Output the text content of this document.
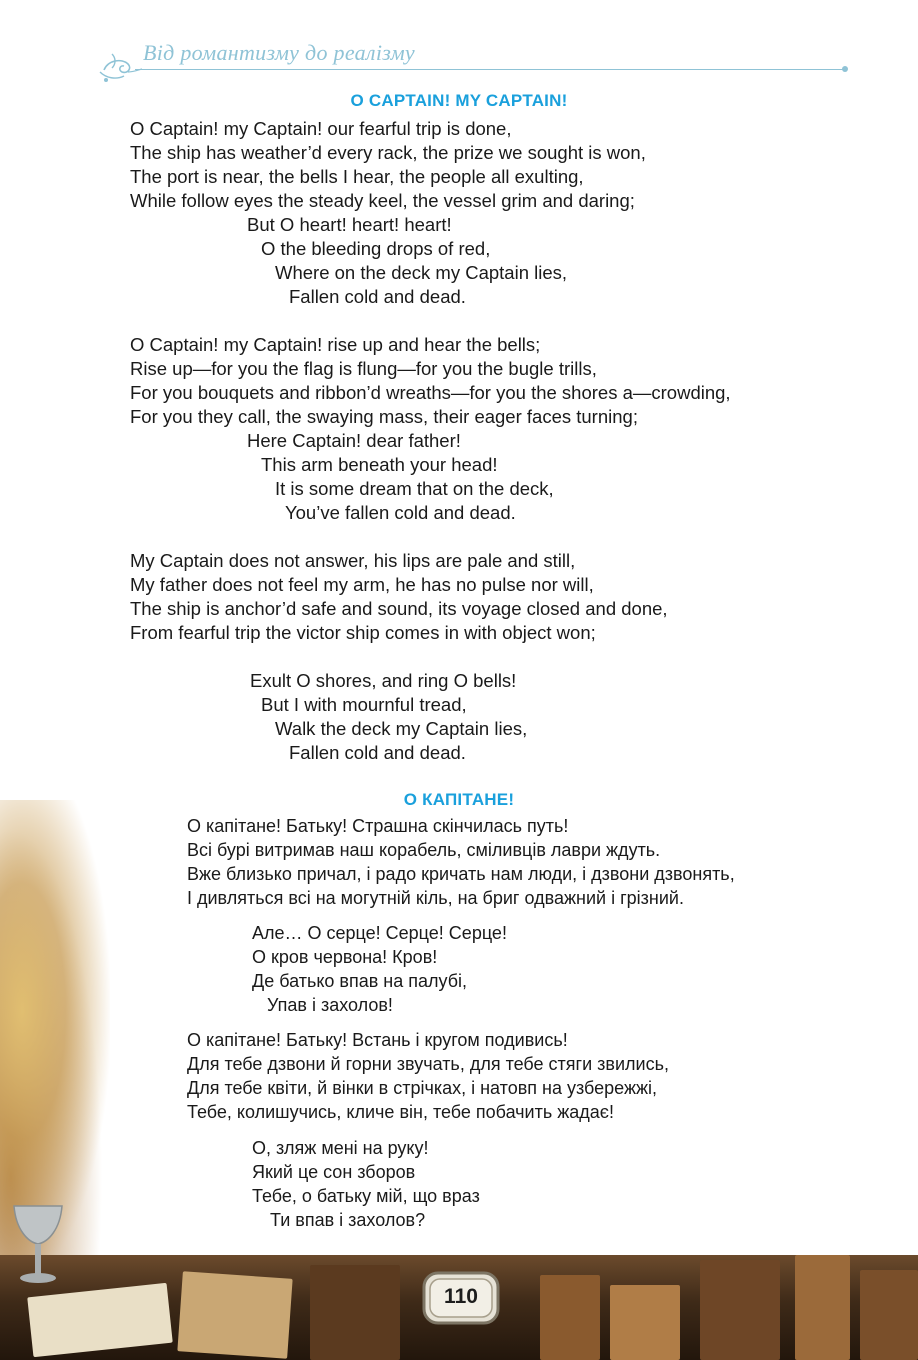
Від романтизму до реалізму
110
O CAPTAIN! MY CAPTAIN!
O Captain! my Captain! our fearful trip is done,
The ship has weather’d every rack, the prize we sought is won,
The port is near, the bells I hear, the people all exulting,
While follow eyes the steady keel, the vessel grim and daring;
But O heart! heart! heart!
O the bleeding drops of red,
Where on the deck my Captain lies,
Fallen cold and dead.
O Captain! my Captain! rise up and hear the bells;
Rise up—for you the flag is flung—for you the bugle trills,
For you bouquets and ribbon’d wreaths—for you the shores a—crowding,
For you they call, the swaying mass, their eager faces turning;
Here Captain! dear father!
This arm beneath your head!
It is some dream that on the deck,
You’ve fallen cold and dead.
My Captain does not answer, his lips are pale and still,
My father does not feel my arm, he has no pulse nor will,
The ship is anchor’d safe and sound, its voyage closed and done,
From fearful trip the victor ship comes in with object won;
Exult O shores, and ring O bells!
But I with mournful tread,
Walk the deck my Captain lies,
Fallen cold and dead.
О КАПІТАНЕ!
О капітане! Батьку! Страшна скінчилась путь!
Всі бурі витримав наш корабель, сміливців лаври ждуть.
Вже близько причал, і радо кричать нам люди, і дзвони дзвонять,
І дивляться всі на могутній кіль, на бриг одважний і грізний.
Але… О серце! Серце! Серце!
О кров червона! Кров!
Де батько впав на палубі,
Упав і захолов!
О капітане! Батьку! Встань і кругом подивись!
Для тебе дзвони й горни звучать, для тебе стяги звились,
Для тебе квіти, й вінки в стрічках, і натовп на узбережжі,
Тебе, колишучись, кличе він, тебе побачить жадає!
О, зляж мені на руку!
Який це сон зборов
Тебе, о батьку мій, що враз
Ти впав і захолов?
